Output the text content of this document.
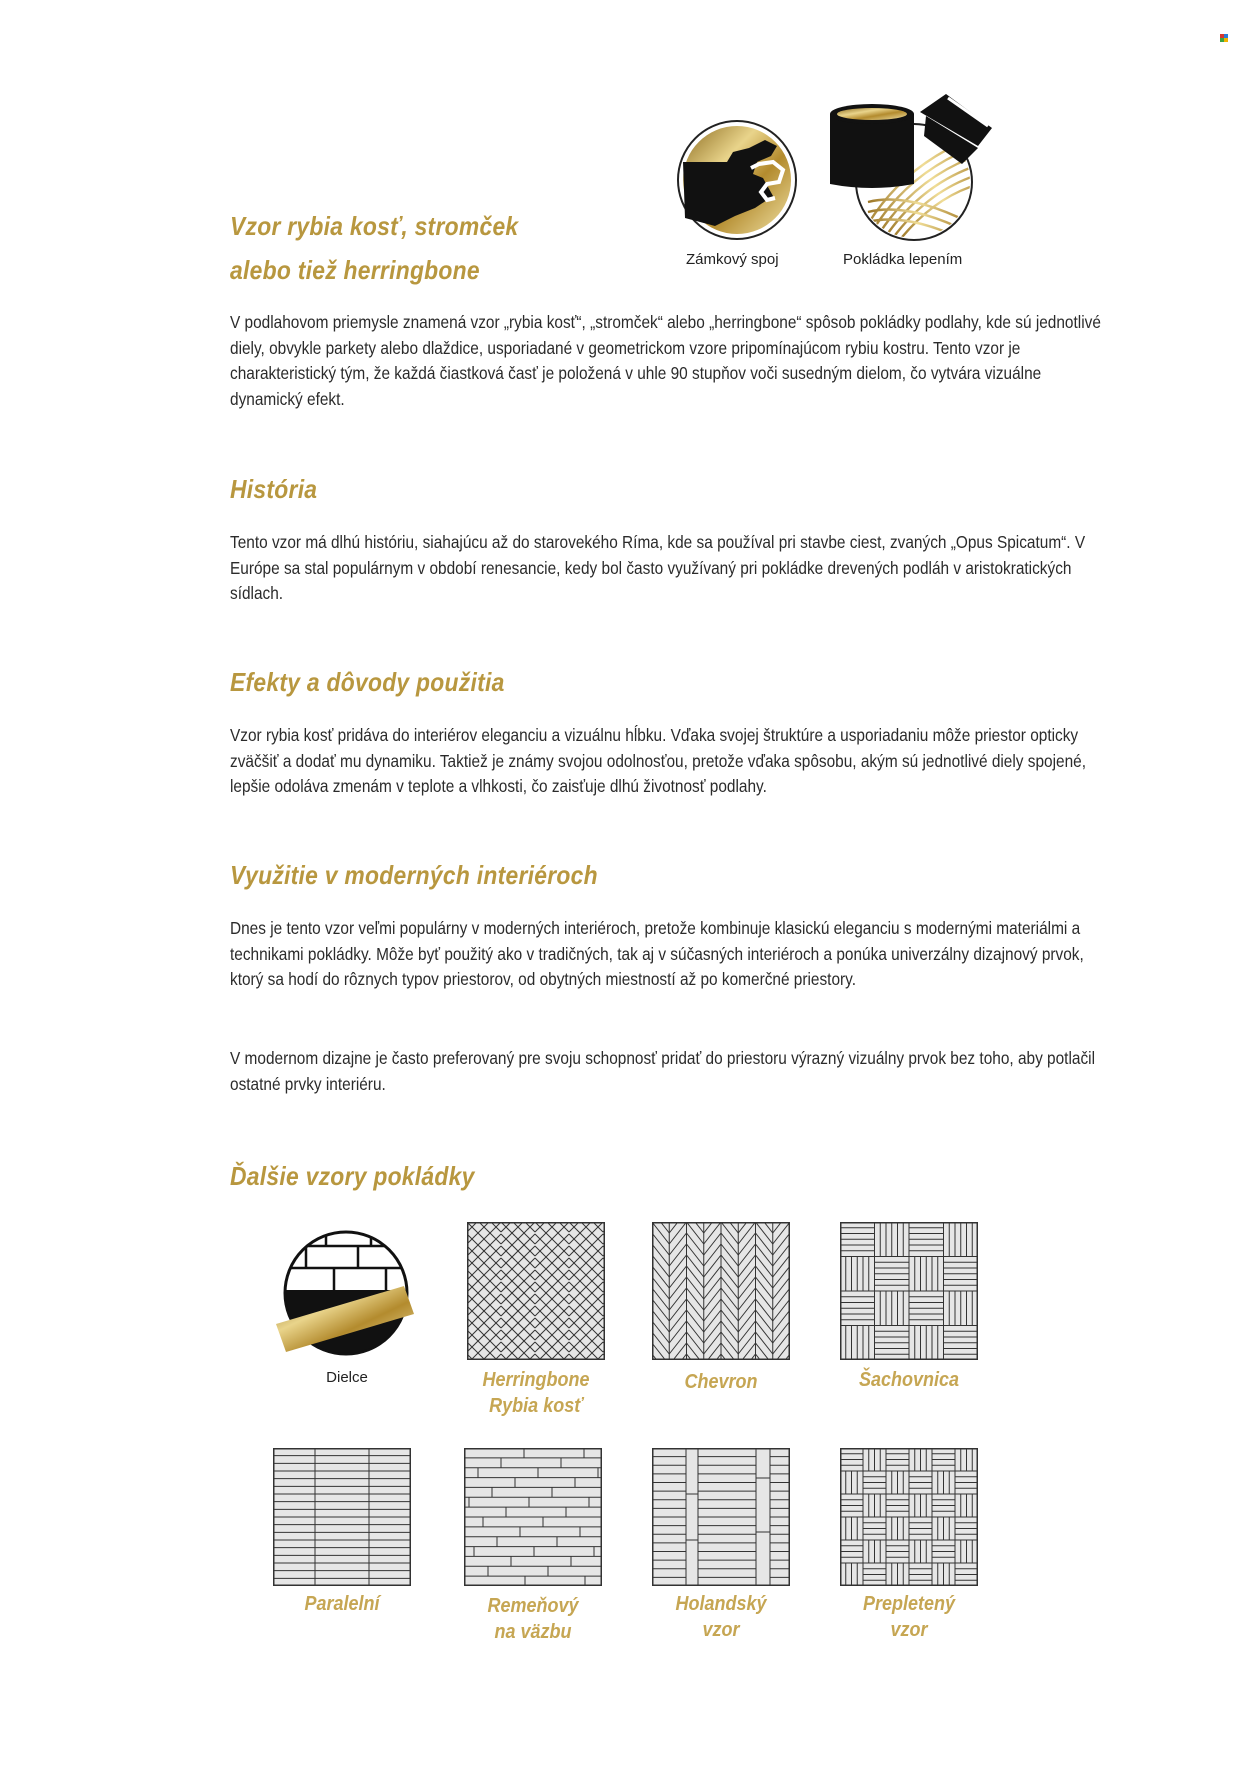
Zámkový spoj	Pokládka lepením
Vzor rybia kosť, stromček
alebo tiež herringbone

V podlahovom priemysle znamená vzor „rybia kosť“, „stromček“ alebo „herringbone“ spôsob pokládky podlahy, kde sú jednotlivé diely, obvykle parkety alebo dlaždice, usporiadané v geometrickom vzore pripomínajúcom rybiu kostru. Tento vzor je charakteristický tým, že každá čiastková časť je položená v uhle 90 stupňov voči susedným dielom, čo vytvára vizuálne dynamický efekt.

História

Tento vzor má dlhú históriu, siahajúcu až do starovekého Ríma, kde sa používal pri stavbe ciest, zvaných „Opus Spicatum“. V Európe sa stal populárnym v období renesancie, kedy bol často využívaný pri pokládke drevených podláh v aristokratických sídlach.

Efekty a dôvody použitia

Vzor rybia kosť pridáva do interiérov eleganciu a vizuálnu hĺbku. Vďaka svojej štruktúre a usporiadaniu môže priestor opticky zväčšiť a dodať mu dynamiku. Taktiež je známy svojou odolnosťou, pretože vďaka spôsobu, akým sú jednotlivé diely spojené, lepšie odoláva zmenám v teplote a vlhkosti, čo zaisťuje dlhú životnosť podlahy.

Využitie v moderných interiéroch

Dnes je tento vzor veľmi populárny v moderných interiéroch, pretože kombinuje klasickú eleganciu s modernými materiálmi a technikami pokládky. Môže byť použitý ako v tradičných, tak aj v súčasných interiéroch a ponúka univerzálny dizajnový prvok, ktorý sa hodí do rôznych typov priestorov, od obytných miestností až po komerčné priestory.

V modernom dizajne je často preferovaný pre svoju schopnosť pridať do priestoru výrazný vizuálny prvok bez toho, aby potlačil ostatné prvky interiéru.

Ďalšie vzory pokládky
Dielce	Herringbone
Rybia kosť
Chevron	Šachovnica
Paralelní	Remeňový
na väzbu
Holandský
vzor
Prepletený
vzor
